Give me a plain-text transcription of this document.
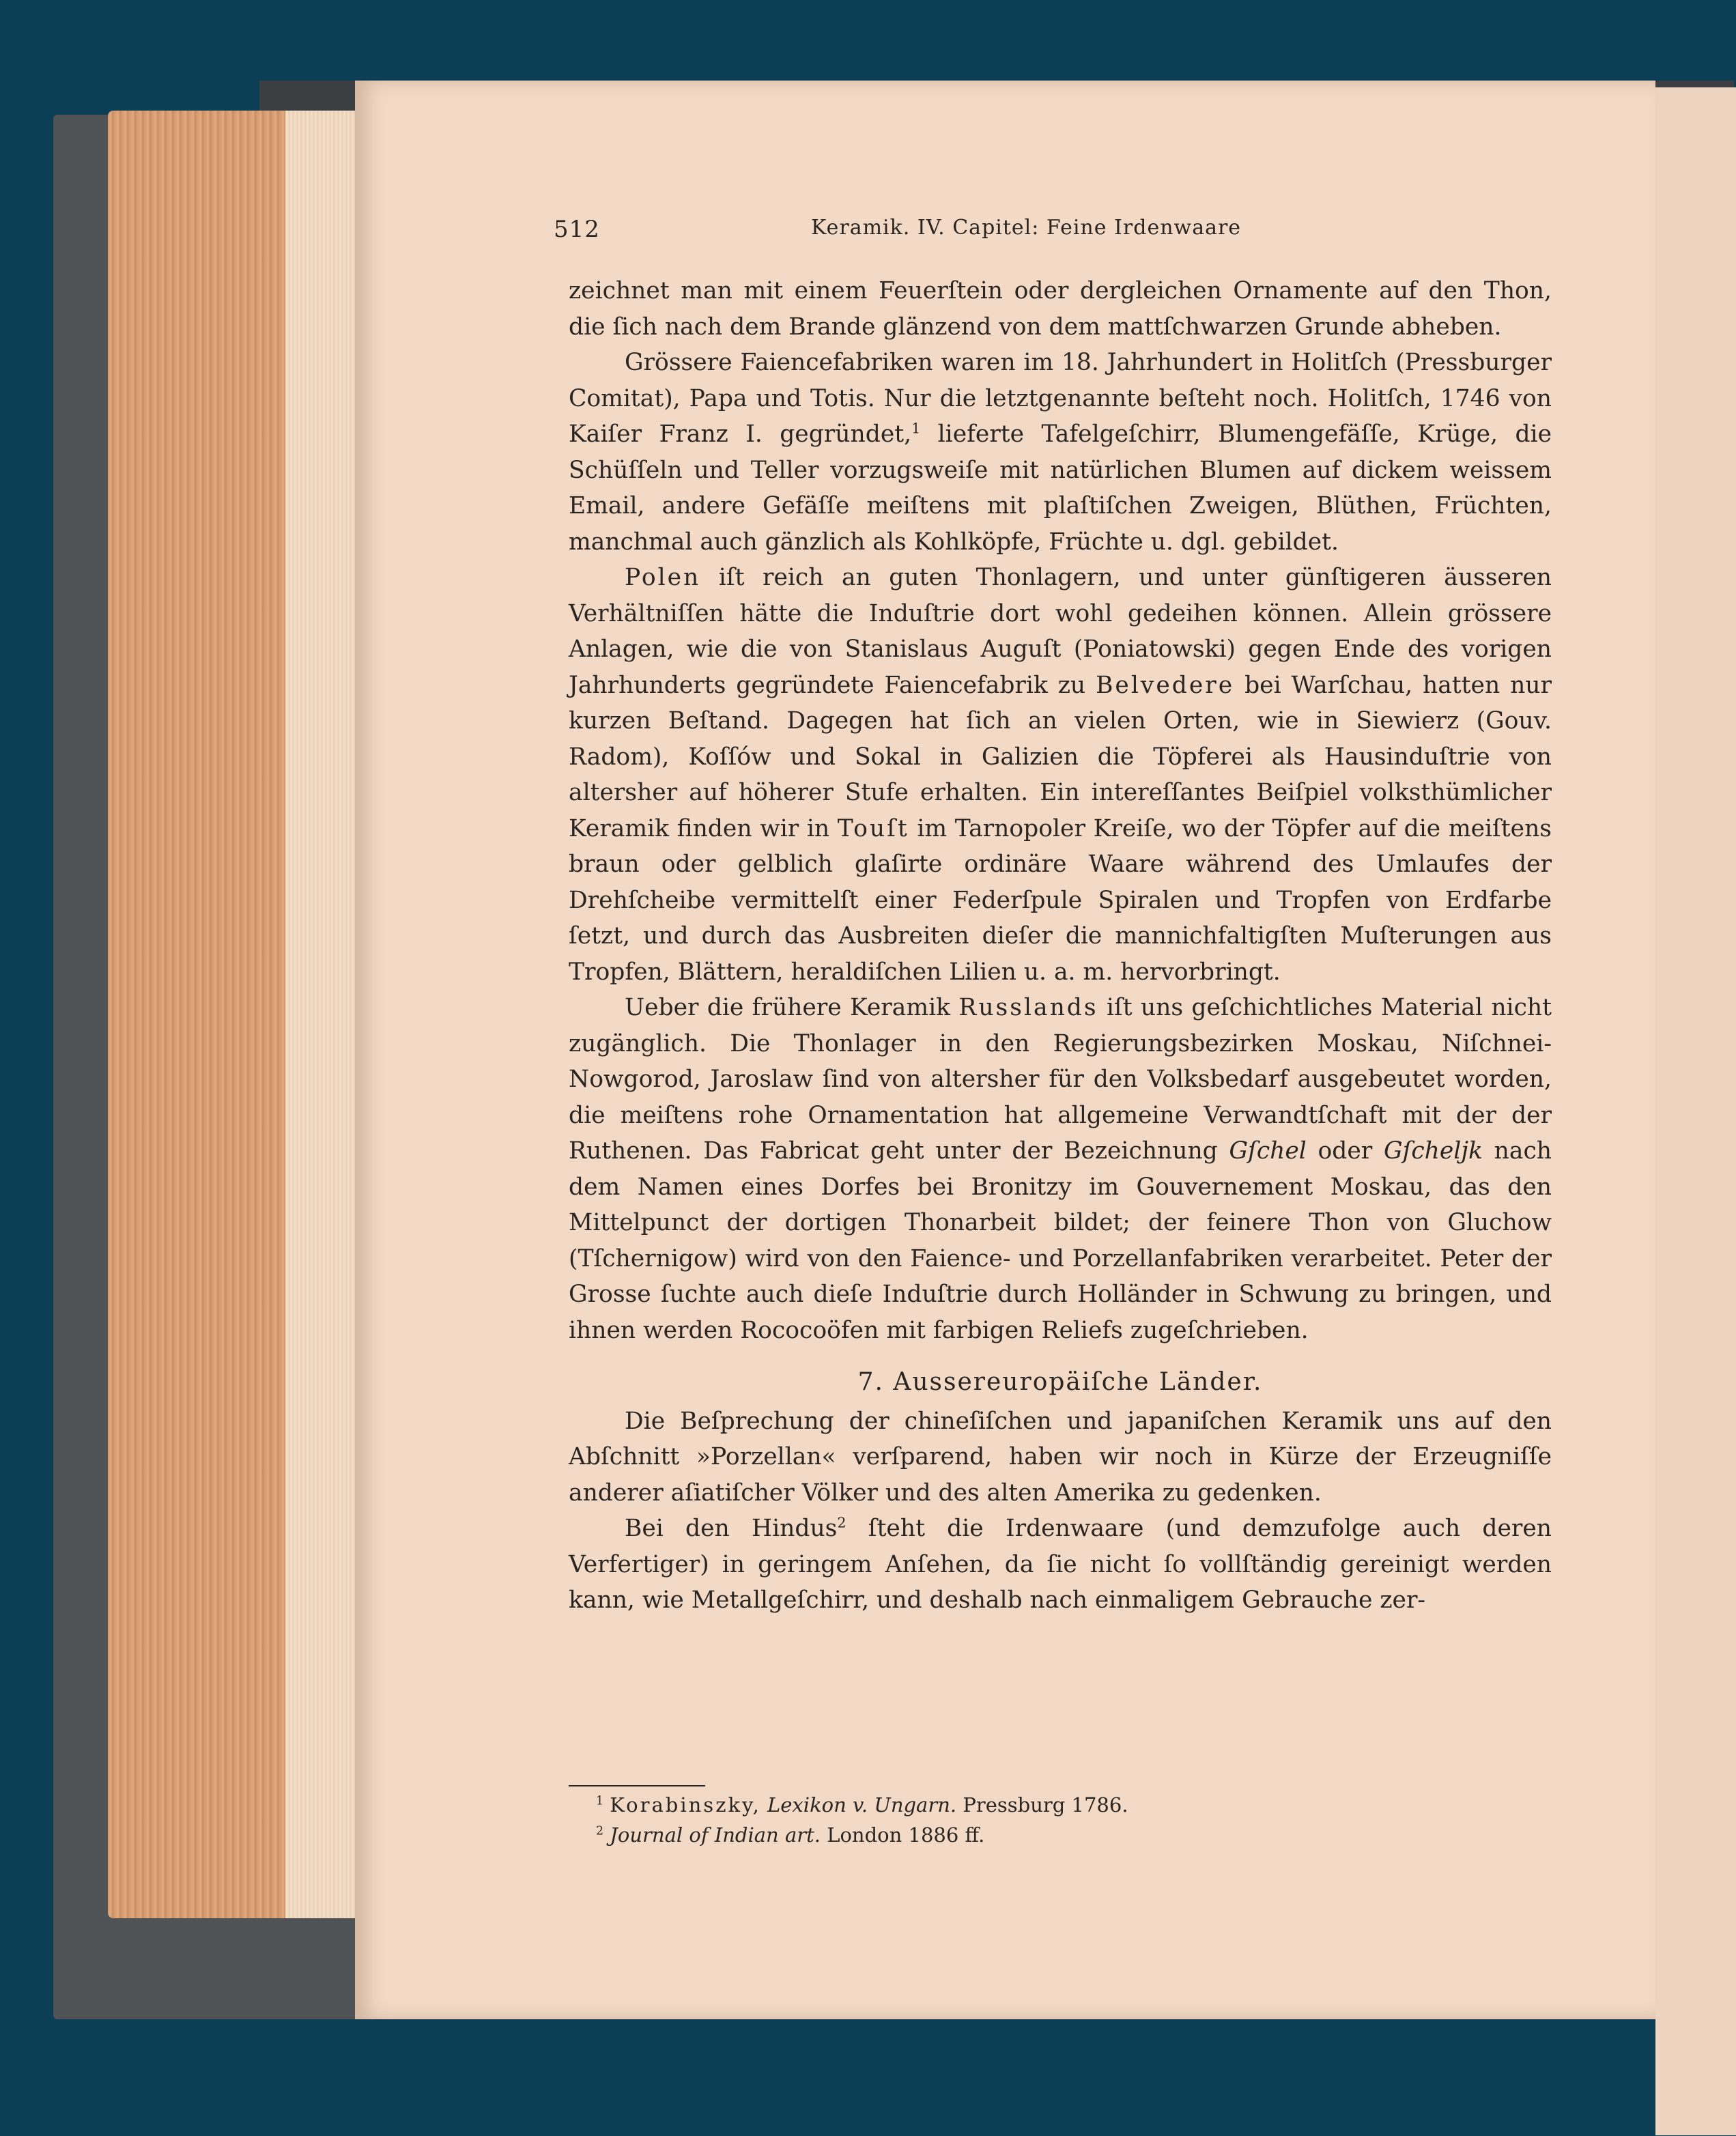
512	Keramik. IV. Capitel: Feine Irdenwaare

zeichnet man mit einem Feuerſtein oder dergleichen Ornamente auf den Thon, die ſich nach dem Brande glänzend von dem mattſchwarzen Grunde abheben.

Grössere Faiencefabriken waren im 18. Jahrhundert in Holitſch (Pressburger Comitat), Papa und Totis. Nur die letztgenannte beſteht noch. Holitſch, 1746 von Kaiſer Franz I. gegründet,$^1$ lieferte Tafelgeſchirr, Blumengefäſſe, Krüge, die Schüſſeln und Teller vorzugsweiſe mit natürlichen Blumen auf dickem weissem Email, andere Gefäſſe meiſtens mit plaſtiſchen Zweigen, Blüthen, Früchten, manchmal auch gänzlich als Kohlköpfe, Früchte u. dgl. gebildet.

Polen iſt reich an guten Thonlagern, und unter günſtigeren äusseren Verhältniſſen hätte die Induſtrie dort wohl gedeihen können. Allein grössere Anlagen, wie die von Stanislaus Auguſt (Poniatowski) gegen Ende des vorigen Jahrhunderts gegründete Faiencefabrik zu Belvedere bei Warſchau, hatten nur kurzen Beſtand. Dagegen hat ſich an vielen Orten, wie in Siewierz (Gouv. Radom), Koſſów und Sokal in Galizien die Töpferei als Hausinduſtrie von altersher auf höherer Stufe erhalten. Ein intereſſantes Beiſpiel volksthümlicher Keramik finden wir in Touſt im Tarnopoler Kreiſe, wo der Töpfer auf die meiſtens braun oder gelblich glaſirte ordinäre Waare während des Umlaufes der Drehſcheibe vermittelſt einer Federſpule Spiralen und Tropfen von Erdfarbe ſetzt, und durch das Ausbreiten dieſer die mannichfaltigſten Muſterungen aus Tropfen, Blättern, heraldiſchen Lilien u. a. m. hervorbringt.

Ueber die frühere Keramik Russlands iſt uns geſchichtliches Material nicht zugänglich. Die Thonlager in den Regierungsbezirken Moskau, Niſchnei-Nowgorod, Jaroslaw ſind von altersher für den Volksbedarf ausgebeutet worden, die meiſtens rohe Ornamentation hat allgemeine Verwandtſchaft mit der der Ruthenen. Das Fabricat geht unter der Bezeichnung Gſchel oder Gſcheljk nach dem Namen eines Dorfes bei Bronitzy im Gouvernement Moskau, das den Mittelpunct der dortigen Thonarbeit bildet; der feinere Thon von Gluchow (Tſchernigow) wird von den Faience- und Porzellanfabriken verarbeitet. Peter der Grosse ſuchte auch dieſe Induſtrie durch Holländer in Schwung zu bringen, und ihnen werden Rococoöfen mit farbigen Reliefs zugeſchrieben.

7. Aussereuropäiſche Länder.

Die Beſprechung der chineſiſchen und japaniſchen Keramik uns auf den Abſchnitt »Porzellan« verſparend, haben wir noch in Kürze der Erzeugniſſe anderer aſiatiſcher Völker und des alten Amerika zu gedenken.

Bei den Hindus$^2$ ſteht die Irdenwaare (und demzufolge auch deren Verfertiger) in geringem Anſehen, da ſie nicht ſo vollſtändig gereinigt werden kann, wie Metallgeſchirr, und deshalb nach einmaligem Gebrauche zer-

$^1$ Korabinszky, Lexikon v. Ungarn. Pressburg 1786.
$^2$ Journal of Indian art. London 1886 ff.
